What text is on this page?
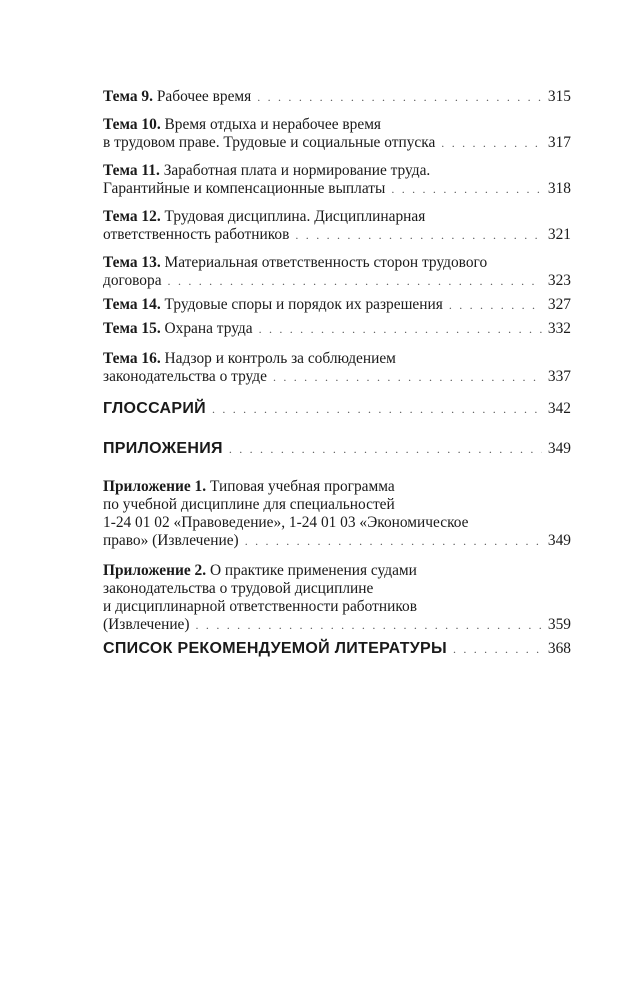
Тема 9. Рабочее время . . .	315
Тема 10. Время отдыха и нерабочее время
в трудовом праве. Трудовые и социальные отпуска . . .	317
Тема 11. Заработная плата и нормирование труда.
Гарантийные и компенсационные выплаты . . .	318
Тема 12. Трудовая дисциплина. Дисциплинарная
ответственность работников . . .	321
Тема 13. Материальная ответственность сторон трудового
договора . . .	323
Тема 14. Трудовые споры и порядок их разрешения . . .	327
Тема 15. Охрана труда . . .	332
Тема 16. Надзор и контроль за соблюдением
законодательства о труде . . .	337
ГЛОССАРИЙ . . .	342
ПРИЛОЖЕНИЯ . . .	349
Приложение 1. Типовая учебная программа
по учебной дисциплине для специальностей
1-24 01 02 «Правоведение», 1-24 01 03 «Экономическое
право» (Извлечение) . . .	349
Приложение 2. О практике применения судами
законодательства о трудовой дисциплине
и дисциплинарной ответственности работников
(Извлечение) . . .	359
СПИСОК РЕКОМЕНДУЕМОЙ ЛИТЕРАТУРЫ . . .	368
